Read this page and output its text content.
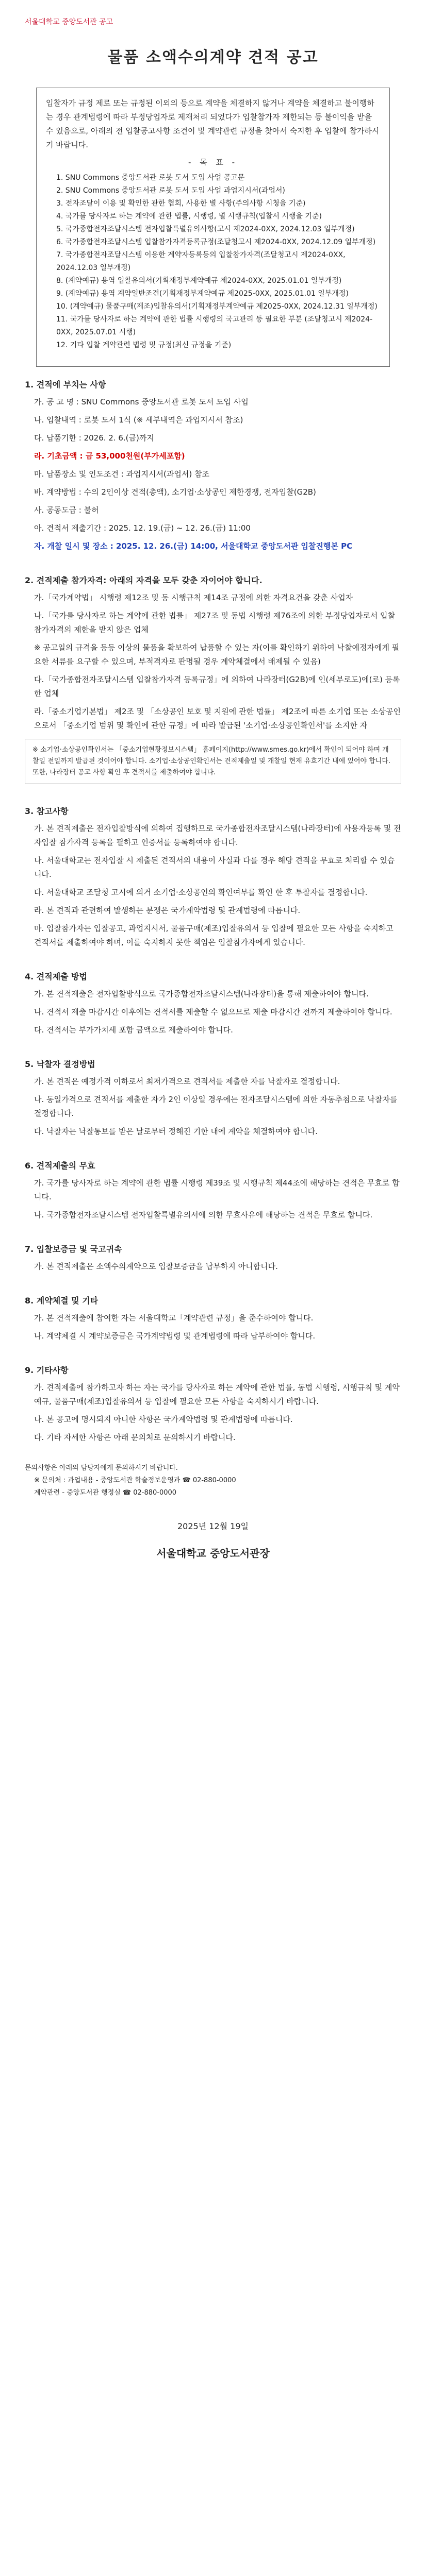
서울대학교 중앙도서관 공고
물품 소액수의계약 견적 공고

입찰자가 규정 제로 또는 규정된 이외의 등으로 계약을 체결하지 않거나 계약을 체결하고 불이행하는 경우 관계법령에 따라 부정당업자로 제재처리 되었다가 입찰참가자 제한되는 등 불이익을 받을 수 있음으로, 아래의 전 입찰공고사항 조건이 및 계약관련 규정을 찾아서 숙지한 후 입찰에 참가하시기 바랍니다.

- 목 표 -
1. SNU Commons 중앙도서관 로봇 도서 도입 사업 공고문
2. SNU Commons 중앙도서관 로봇 도서 도입 사업 과업지시서(과업서)
3. 전자조달이 이용 및 확인한 관한 협회, 사용한 별 사항(주의사항 시청을 기준)
4. 국가를 당사자로 하는 계약에 관한 법률, 시행령, 별 시행규칙(입찰서 시행을 기준)
5. 국가종합전자조달시스템 전자입찰특별유의사항(고시 제2024-0XX, 2024.12.03 일부개정)
6. 국가종합전자조달시스템 입찰참가자격등록규정(조달청고시 제2024-0XX, 2024.12.09 일부개정)
7. 국가종합전자조달시스템 이용한 계약자등록등의 입찰참가자격(조달청고시 제2024-0XX, 2024.12.03 일부개정)
8. (계약예규) 용역 입찰유의서(기획재정부계약예규 제2024-0XX, 2025.01.01 일부개정)
9. (계약예규) 용역 계약일반조건(기획재정부계약예규 제2025-0XX, 2025.01.01 일부개정)
10. (계약예규) 물품구매(제조)입찰유의서(기획재정부계약예규 제2025-0XX, 2024.12.31 일부개정)
11. 국가를 당사자로 하는 계약에 관한 법률 시행령의 국고관리 등 필요한 부분 (조달청고시 제2024-0XX, 2025.07.01 시행)
12. 기타 입찰 계약관련 법령 및 규정(최신 규정을 기준)
1. 견적에 부치는 사항

가. 공 고 명 : SNU Commons 중앙도서관 로봇 도서 도입 사업

나. 입찰내역 : 로봇 도서 1식 (※ 세부내역은 과업지시서 참조)

다. 납품기한 : 2026. 2. 6.(금)까지

라. 기초금액 : 금 53,000천원(부가세포함)

마. 납품장소 및 인도조건 : 과업지시서(과업서) 참조

바. 계약방법 : 수의 2인이상 견적(총액), 소기업·소상공인 제한경쟁, 전자입찰(G2B)

사. 공동도급 : 불허

아. 견적서 제출기간 : 2025. 12. 19.(금) ~ 12. 26.(금) 11:00

자. 개찰 일시 및 장소 : 2025. 12. 26.(금) 14:00, 서울대학교 중앙도서관 입찰진행본 PC

2. 견적제출 참가자격: 아래의 자격을 모두 갖춘 자이어야 합니다.

가.「국가계약법」 시행령 제12조 및 동 시행규칙 제14조 규정에 의한 자격요건을 갖춘 사업자

나.「국가를 당사자로 하는 계약에 관한 법률」 제27조 및 동법 시행령 제76조에 의한 부정당업자로서 입찰참가자격의 제한을 받지 않은 업체

※ 공고일의 규격을 등등 이상의 물품을 확보하여 납품할 수 있는 자(이를 확인하기 위하여 낙찰예정자에게 필요한 서류를 요구할 수 있으며, 부적격자로 판명될 경우 계약체결에서 배제될 수 있음)

다.「국가종합전자조달시스템 입찰참가자격 등록규정」에 의하여 나라장터(G2B)에 인(세부로도)에(로) 등록한 업체

라.「중소기업기본법」 제2조 및 「소상공인 보호 및 지원에 관한 법률」 제2조에 따른 소기업 또는 소상공인으로서 「중소기업 범위 및 확인에 관한 규정」에 따라 발급된 '소기업·소상공인확인서'를 소지한 자

※ 소기업·소상공인확인서는 「중소기업현황정보시스템」 홈페이지(http://www.smes.go.kr)에서 확인이 되어야 하며 개찰일 전일까지 발급된 것이어야 합니다. 소기업·소상공인확인서는 견적제출일 및 개찰일 현재 유효기간 내에 있어야 합니다. 또한, 나라장터 공고 사항 확인 후 견적서를 제출하여야 합니다.
3. 참고사항

가. 본 견적제출은 전자입찰방식에 의하여 집행하므로 국가종합전자조달시스템(나라장터)에 사용자등록 및 전자입찰 참가자격 등록을 필하고 인증서를 등록하여야 합니다.

나. 서울대학교는 전자입찰 시 제출된 견적서의 내용이 사실과 다를 경우 해당 견적을 무효로 처리할 수 있습니다.

다. 서울대학교 조달청 고시에 의거 소기업·소상공인의 확인여부를 확인 한 후 투찰자를 결정합니다.

라. 본 견적과 관련하여 발생하는 분쟁은 국가계약법령 및 관계법령에 따릅니다.

마. 입찰참가자는 입찰공고, 과업지시서, 물품구매(제조)입찰유의서 등 입찰에 필요한 모든 사항을 숙지하고 견적서를 제출하여야 하며, 이를 숙지하지 못한 책임은 입찰참가자에게 있습니다.

4. 견적제출 방법

가. 본 견적제출은 전자입찰방식으로 국가종합전자조달시스템(나라장터)을 통해 제출하여야 합니다.

나. 견적서 제출 마감시간 이후에는 견적서를 제출할 수 없으므로 제출 마감시간 전까지 제출하여야 합니다.

다. 견적서는 부가가치세 포함 금액으로 제출하여야 합니다.

5. 낙찰자 결정방법

가. 본 견적은 예정가격 이하로서 최저가격으로 견적서를 제출한 자를 낙찰자로 결정합니다.

나. 동일가격으로 견적서를 제출한 자가 2인 이상일 경우에는 전자조달시스템에 의한 자동추첨으로 낙찰자를 결정합니다.

다. 낙찰자는 낙찰통보를 받은 날로부터 정해진 기한 내에 계약을 체결하여야 합니다.

6. 견적제출의 무효

가. 국가를 당사자로 하는 계약에 관한 법률 시행령 제39조 및 시행규칙 제44조에 해당하는 견적은 무효로 합니다.

나. 국가종합전자조달시스템 전자입찰특별유의서에 의한 무효사유에 해당하는 견적은 무효로 합니다.

7. 입찰보증금 및 국고귀속

가. 본 견적제출은 소액수의계약으로 입찰보증금을 납부하지 아니합니다.

8. 계약체결 및 기타

가. 본 견적제출에 참여한 자는 서울대학교「계약관련 규정」을 준수하여야 합니다.

나. 계약체결 시 계약보증금은 국가계약법령 및 관계법령에 따라 납부하여야 합니다.

9. 기타사항

가. 견적제출에 참가하고자 하는 자는 국가를 당사자로 하는 계약에 관한 법률, 동법 시행령, 시행규칙 및 계약예규, 물품구매(제조)입찰유의서 등 입찰에 필요한 모든 사항을 숙지하시기 바랍니다.

나. 본 공고에 명시되지 아니한 사항은 국가계약법령 및 관계법령에 따릅니다.

다. 기타 자세한 사항은 아래 문의처로 문의하시기 바랍니다.

문의사항은 아래의 담당자에게 문의하시기 바랍니다.
※ 문의처 : 과업내용 - 중앙도서관 학술정보운영과 ☎ 02-880-0000
계약관련 - 중앙도서관 행정실 ☎ 02-880-0000
2025년 12월 19일
서울대학교 중앙도서관장
